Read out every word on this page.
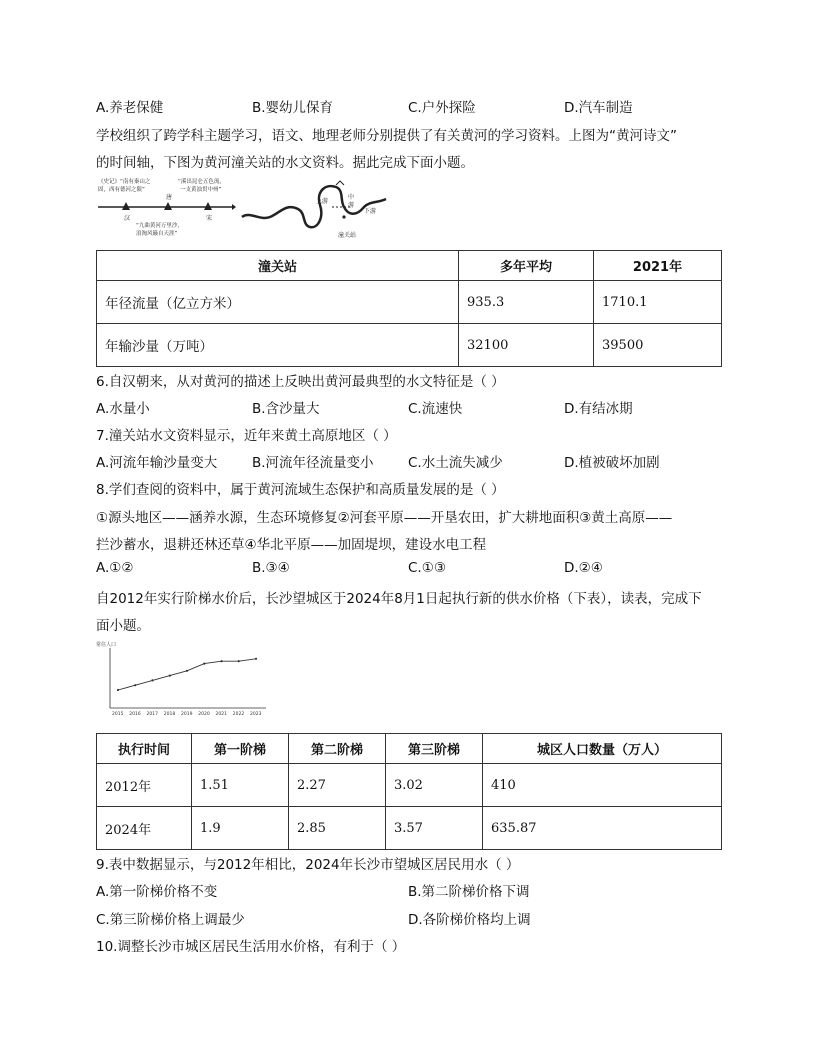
A.养老保健	B.婴幼儿保育	C.户外探险	D.汽车制造
学校组织了跨学科主题学习，语文、地理老师分别提供了有关黄河的学习资料。上图为“黄河诗文”
的时间轴，下图为黄河潼关站的水文资料。据此完成下面小题。
《史记》“南有秦山之
固，西有德河之限”
“溪出昆仑五色流，
一支黄浊贯中州”
汉
唐
宋
“九曲黄河万里沙，
浪淘风簸自天涯”
上游
中
游
下游
潼关站
潼关站	多年平均	2021年
年径流量（亿立方米）	935.3	1710.1
年输沙量（万吨）	32100	39500
6.自汉朝来，从对黄河的描述上反映出黄河最典型的水文特征是（ ）
A.水量小	B.含沙量大	C.流速快	D.有结冰期
7.潼关站水文资料显示，近年来黄土高原地区（ ）
A.河流年输沙量变大	B.河流年径流量变小	C.水土流失减少	D.植被破坏加剧
8.学们查阅的资料中，属于黄河流域生态保护和高质量发展的是（ ）
①源头地区——涵养水源，生态环境修复②河套平原——开垦农田，扩大耕地面积③黄土高原——
拦沙蓄水，退耕还林还草④华北平原——加固堤坝，建设水电工程
A.①②	B.③④	C.①③	D.②④
自2012年实行阶梯水价后，长沙望城区于2024年8月1日起执行新的供水价格（下表），读表，完成下
面小题。
常住人口
2015 2016 2017 2018 2019 2020 2021 2022 2023
执行时间	第一阶梯	第二阶梯	第三阶梯	城区人口数量（万人）
2012年	1.51	2.27	3.02	410
2024年	1.9	2.85	3.57	635.87
9.表中数据显示，与2012年相比，2024年长沙市望城区居民用水（ ）
A.第一阶梯价格不变	B.第二阶梯价格下调
C.第三阶梯价格上调最少	D.各阶梯价格均上调
10.调整长沙市城区居民生活用水价格，有利于（ ）
